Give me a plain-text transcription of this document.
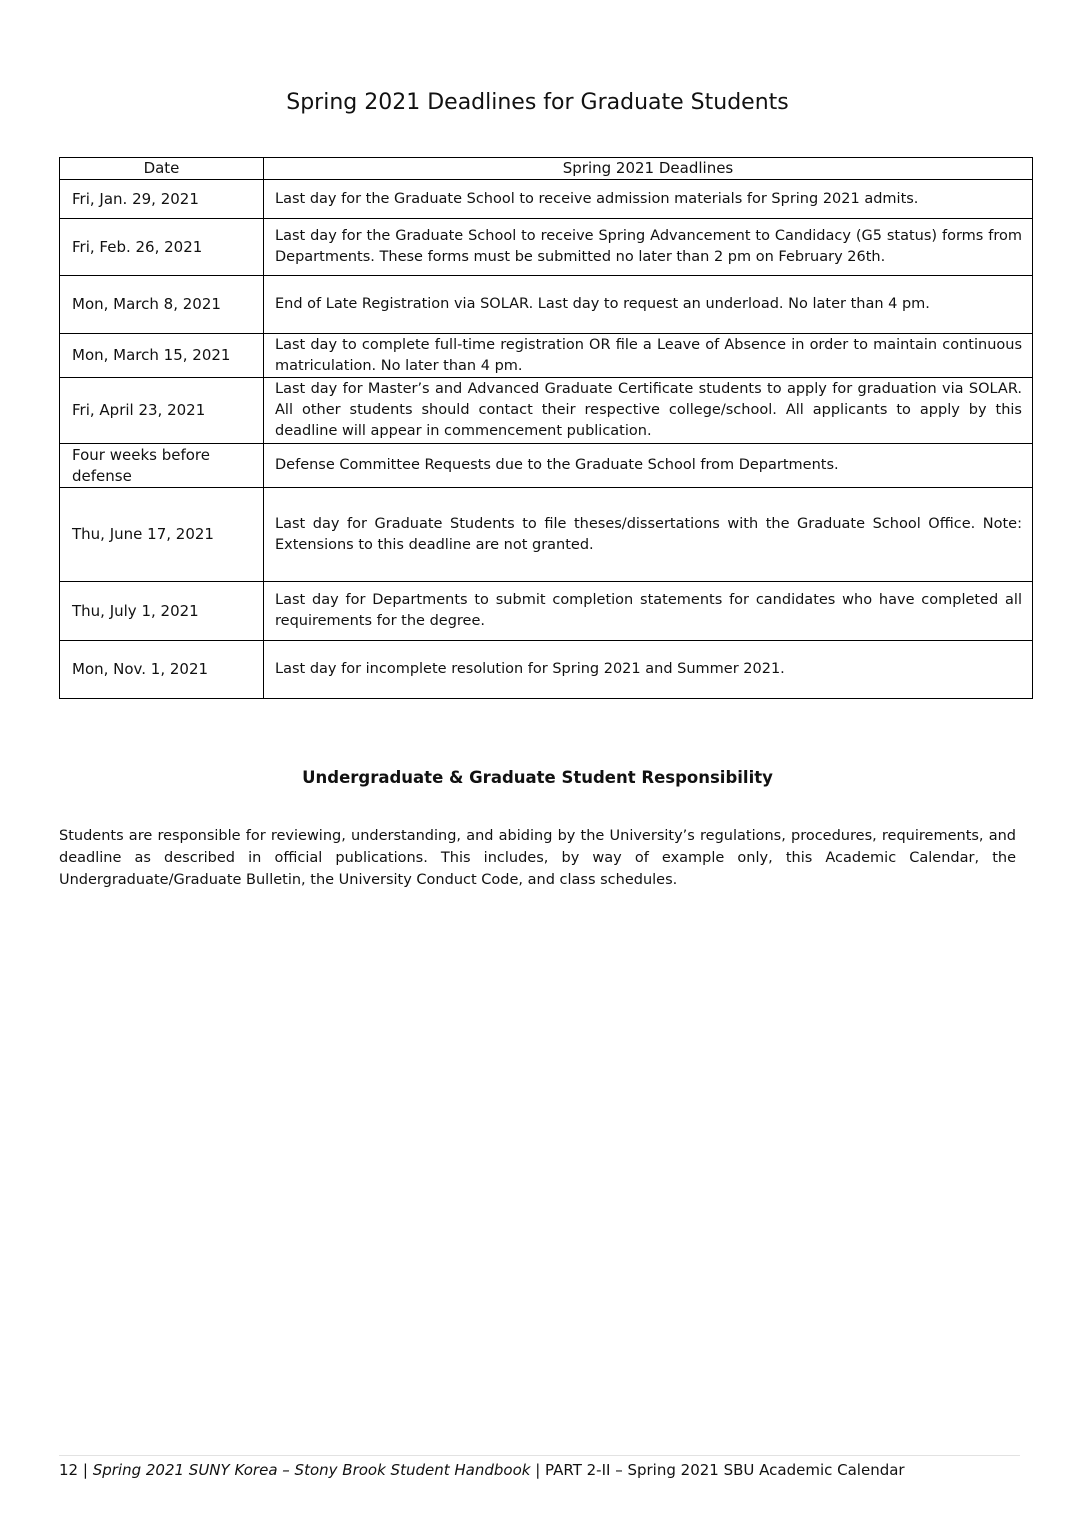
Spring 2021 Deadlines for Graduate Students
Date	Spring 2021 Deadlines
Fri, Jan. 29, 2021	Last day for the Graduate School to receive admission materials for Spring 2021 admits.
Fri, Feb. 26, 2021	Last day for the Graduate School to receive Spring Advancement to Candidacy (G5 status) forms from Departments. These forms must be submitted no later than 2 pm on February 26th.
Mon, March 8, 2021	End of Late Registration via SOLAR. Last day to request an underload. No later than 4 pm.
Mon, March 15, 2021	Last day to complete full-time registration OR file a Leave of Absence in order to maintain continuous matriculation. No later than 4 pm.
Fri, April 23, 2021	Last day for Master’s and Advanced Graduate Certificate students to apply for graduation via SOLAR. All other students should contact their respective college/school. All applicants to apply by this deadline will appear in commencement publication.
Four weeks before defense	Defense Committee Requests due to the Graduate School from Departments.
Thu, June 17, 2021	Last day for Graduate Students to file theses/dissertations with the Graduate School Office. Note: Extensions to this deadline are not granted.
Thu, July 1, 2021	Last day for Departments to submit completion statements for candidates who have completed all requirements for the degree.
Mon, Nov. 1, 2021	Last day for incomplete resolution for Spring 2021 and Summer 2021.
Undergraduate & Graduate Student Responsibility

Students are responsible for reviewing, understanding, and abiding by the University’s regulations, procedures, requirements, and deadline as described in official publications. This includes, by way of example only, this Academic Calendar, the Undergraduate/Graduate Bulletin, the University Conduct Code, and class schedules.

12 | Spring 2021 SUNY Korea – Stony Brook Student Handbook | PART 2-II – Spring 2021 SBU Academic Calendar
